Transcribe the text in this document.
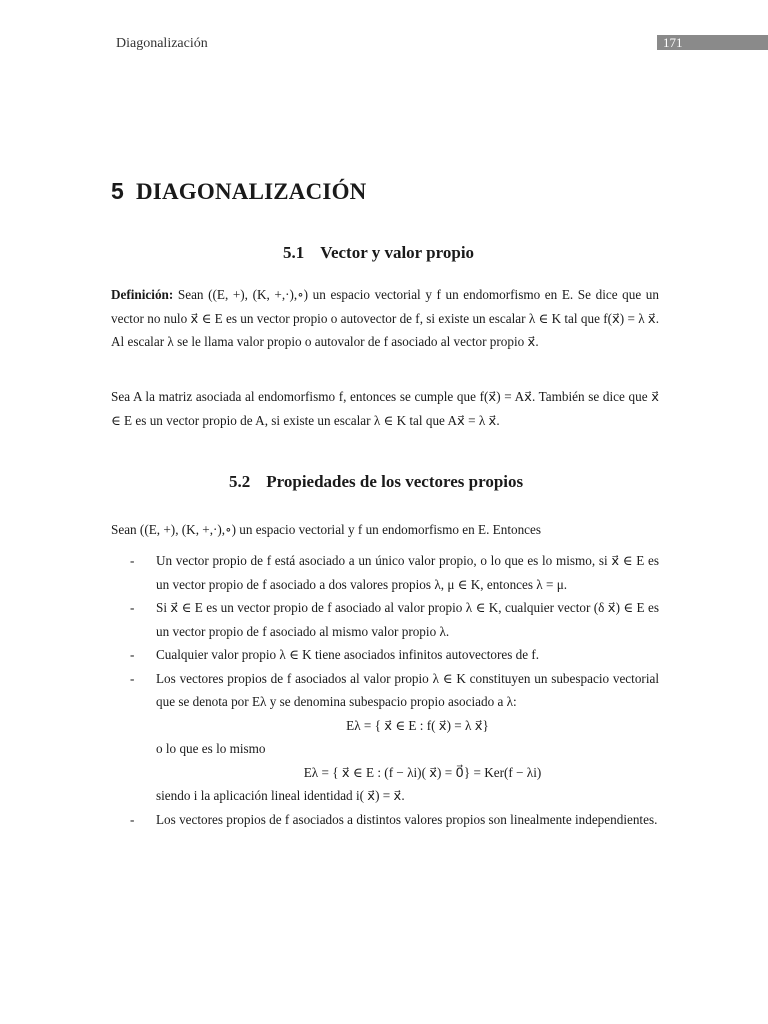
Diagonalización	171
5 DIAGONALIZACIÓN
5.1 Vector y valor propio
Definición: Sean ((E, +), (K, +,·),∘) un espacio vectorial y f un endomorfismo en E. Se dice que un vector no nulo x⃗ ∈ E es un vector propio o autovector de f, si existe un escalar λ ∈ K tal que f(x⃗) = λ x⃗. Al escalar λ se le llama valor propio o autovalor de f asociado al vector propio x⃗.
Sea A la matriz asociada al endomorfismo f, entonces se cumple que f(x⃗) = Ax⃗. También se dice que x⃗ ∈ E es un vector propio de A, si existe un escalar λ ∈ K tal que Ax⃗ = λ x⃗.
5.2 Propiedades de los vectores propios
Sean ((E, +), (K, +,·),∘) un espacio vectorial y f un endomorfismo en E. Entonces
- Un vector propio de f está asociado a un único valor propio, o lo que es lo mismo, si x⃗ ∈ E es un vector propio de f asociado a dos valores propios λ, μ ∈ K, entonces λ = μ.
- Si x⃗ ∈ E es un vector propio de f asociado al valor propio λ ∈ K, cualquier vector (δ x⃗) ∈ E es un vector propio de f asociado al mismo valor propio λ.
- Cualquier valor propio λ ∈ K tiene asociados infinitos autovectores de f.
- Los vectores propios de f asociados al valor propio λ ∈ K constituyen un subespacio vectorial que se denota por Eλ y se denomina subespacio propio asociado a λ:

Eλ = { x⃗ ∈ E : f( x⃗) = λ x⃗}

o lo que es lo mismo

Eλ = { x⃗ ∈ E : (f − λi)( x⃗) = 0⃗} = Ker(f − λi)

siendo i la aplicación lineal identidad i( x⃗) = x⃗.

- Los vectores propios de f asociados a distintos valores propios son linealmente independientes.
